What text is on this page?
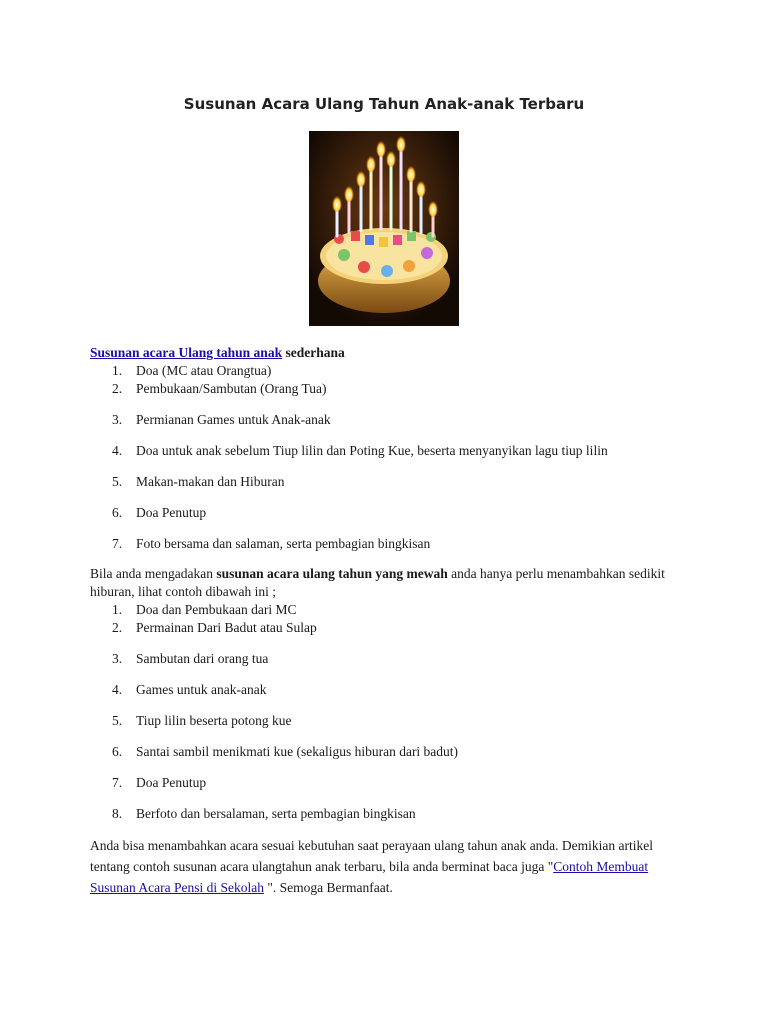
Susunan Acara Ulang Tahun Anak-anak Terbaru

Susunan acara Ulang tahun anak sederhana

1.	Doa (MC atau Orangtua)
2.	Pembukaan/Sambutan (Orang Tua)
3.	Permianan Games untuk Anak-anak
4.	Doa untuk anak sebelum Tiup lilin dan Poting Kue, beserta menyanyikan lagu tiup lilin
5.	Makan-makan dan Hiburan
6.	Doa Penutup
7.	Foto bersama dan salaman, serta pembagian bingkisan

Bila anda mengadakan susunan acara ulang tahun yang mewah anda hanya perlu menambahkan sedikit hiburan, lihat contoh dibawah ini ;

1.	Doa dan Pembukaan dari MC
2.	Permainan Dari Badut atau Sulap
3.	Sambutan dari orang tua
4.	Games untuk anak-anak
5.	Tiup lilin beserta potong kue
6.	Santai sambil menikmati kue (sekaligus hiburan dari badut)
7.	Doa Penutup
8.	Berfoto dan bersalaman, serta pembagian bingkisan

Anda bisa menambahkan acara sesuai kebutuhan saat perayaan ulang tahun anak anda. Demikian artikel tentang contoh susunan acara ulangtahun anak terbaru, bila anda berminat baca juga "Contoh Membuat Susunan Acara Pensi di Sekolah ". Semoga Bermanfaat.
